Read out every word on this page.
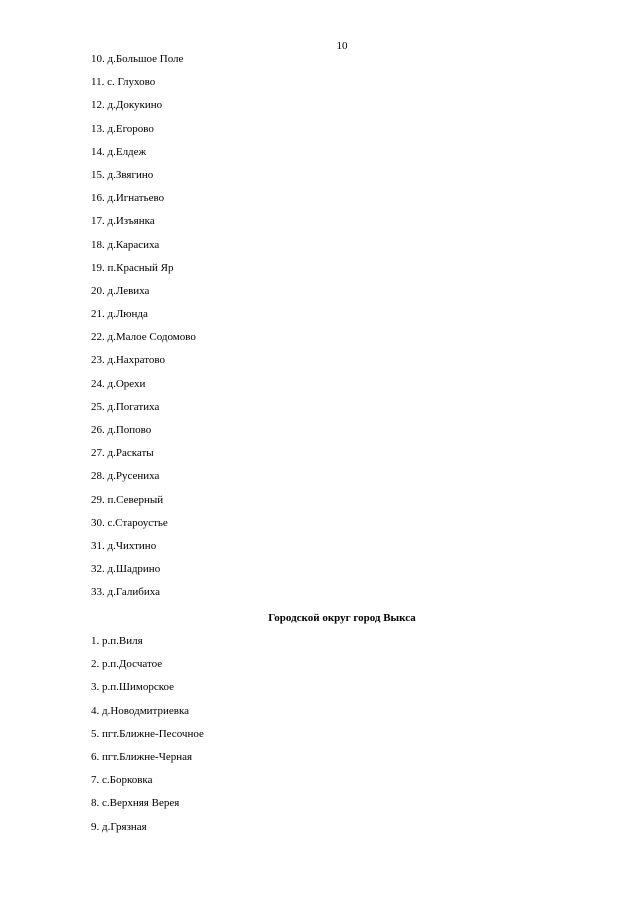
10
10. д.Большое Поле
11. с. Глухово
12. д.Докукино
13. д.Егорово
14. д.Елдеж
15. д.Звягино
16. д.Игнатьево
17. д.Изъянка
18. д.Карасиха
19. п.Красный Яр
20. д.Левиха
21. д.Люнда
22. д.Малое Содомово
23. д.Нахратово
24. д.Орехи
25. д.Погатиха
26. д.Попово
27. д.Раскаты
28. д.Русениха
29. п.Северный
30. с.Староустье
31. д.Чихтино
32. д.Шадрино
33. д.Галибиха
Городской округ город Выкса
1. р.п.Виля
2. р.п.Досчатое
3. р.п.Шиморское
4. д.Новодмитриевка
5. пгт.Ближне-Песочное
6. пгт.Ближне-Черная
7. с.Борковка
8. с.Верхняя Верея
9. д.Грязная
